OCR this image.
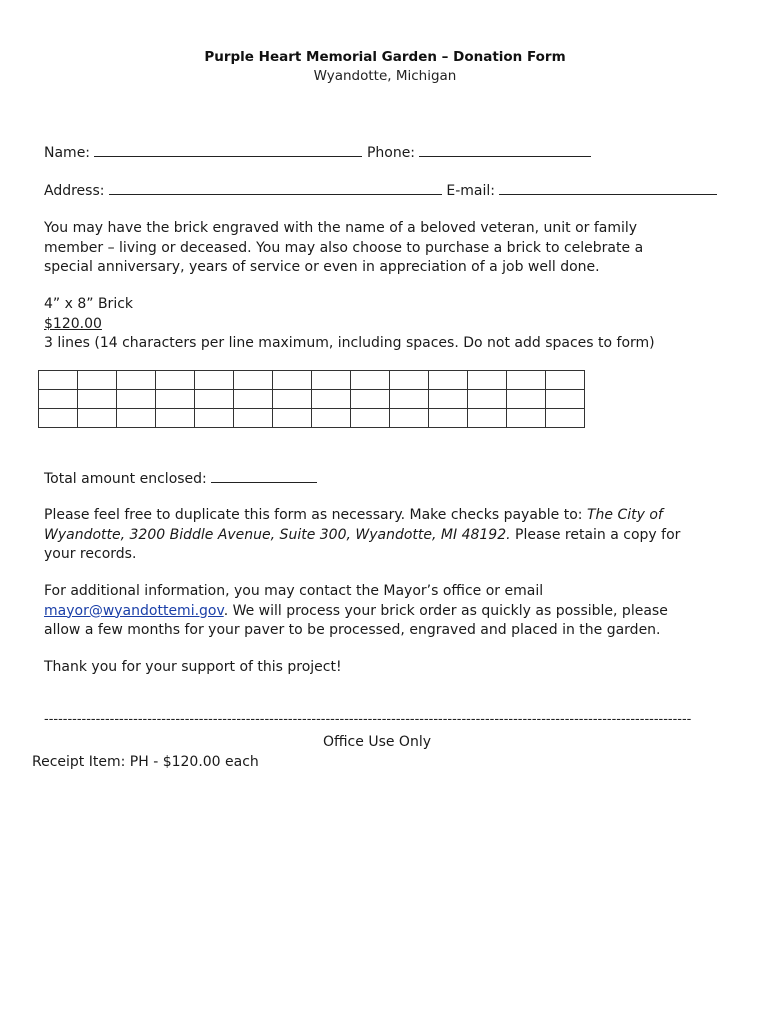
Purple Heart Memorial Garden – Donation Form
Wyandotte, Michigan
Name:	Phone:
Address:	E-mail:
You may have the brick engraved with the name of a beloved veteran, unit or family
member – living or deceased. You may also choose to purchase a brick to celebrate a
special anniversary, years of service or even in appreciation of a job well done.
4” x 8” Brick
$120.00
3 lines (14 characters per line maximum, including spaces. Do not add spaces to form)

Total amount enclosed:
Please feel free to duplicate this form as necessary. Make checks payable to: The City of
Wyandotte, 3200 Biddle Avenue, Suite 300, Wyandotte, MI 48192. Please retain a copy for
your records.
For additional information, you may contact the Mayor’s office or email
mayor@wyandottemi.gov. We will process your brick order as quickly as possible, please
allow a few months for your paver to be processed, engraved and placed in the garden.
Thank you for your support of this project!
------------------------------------------------------------------------------------------------------------------------------------------
Office Use Only
Receipt Item: PH - $120.00 each
